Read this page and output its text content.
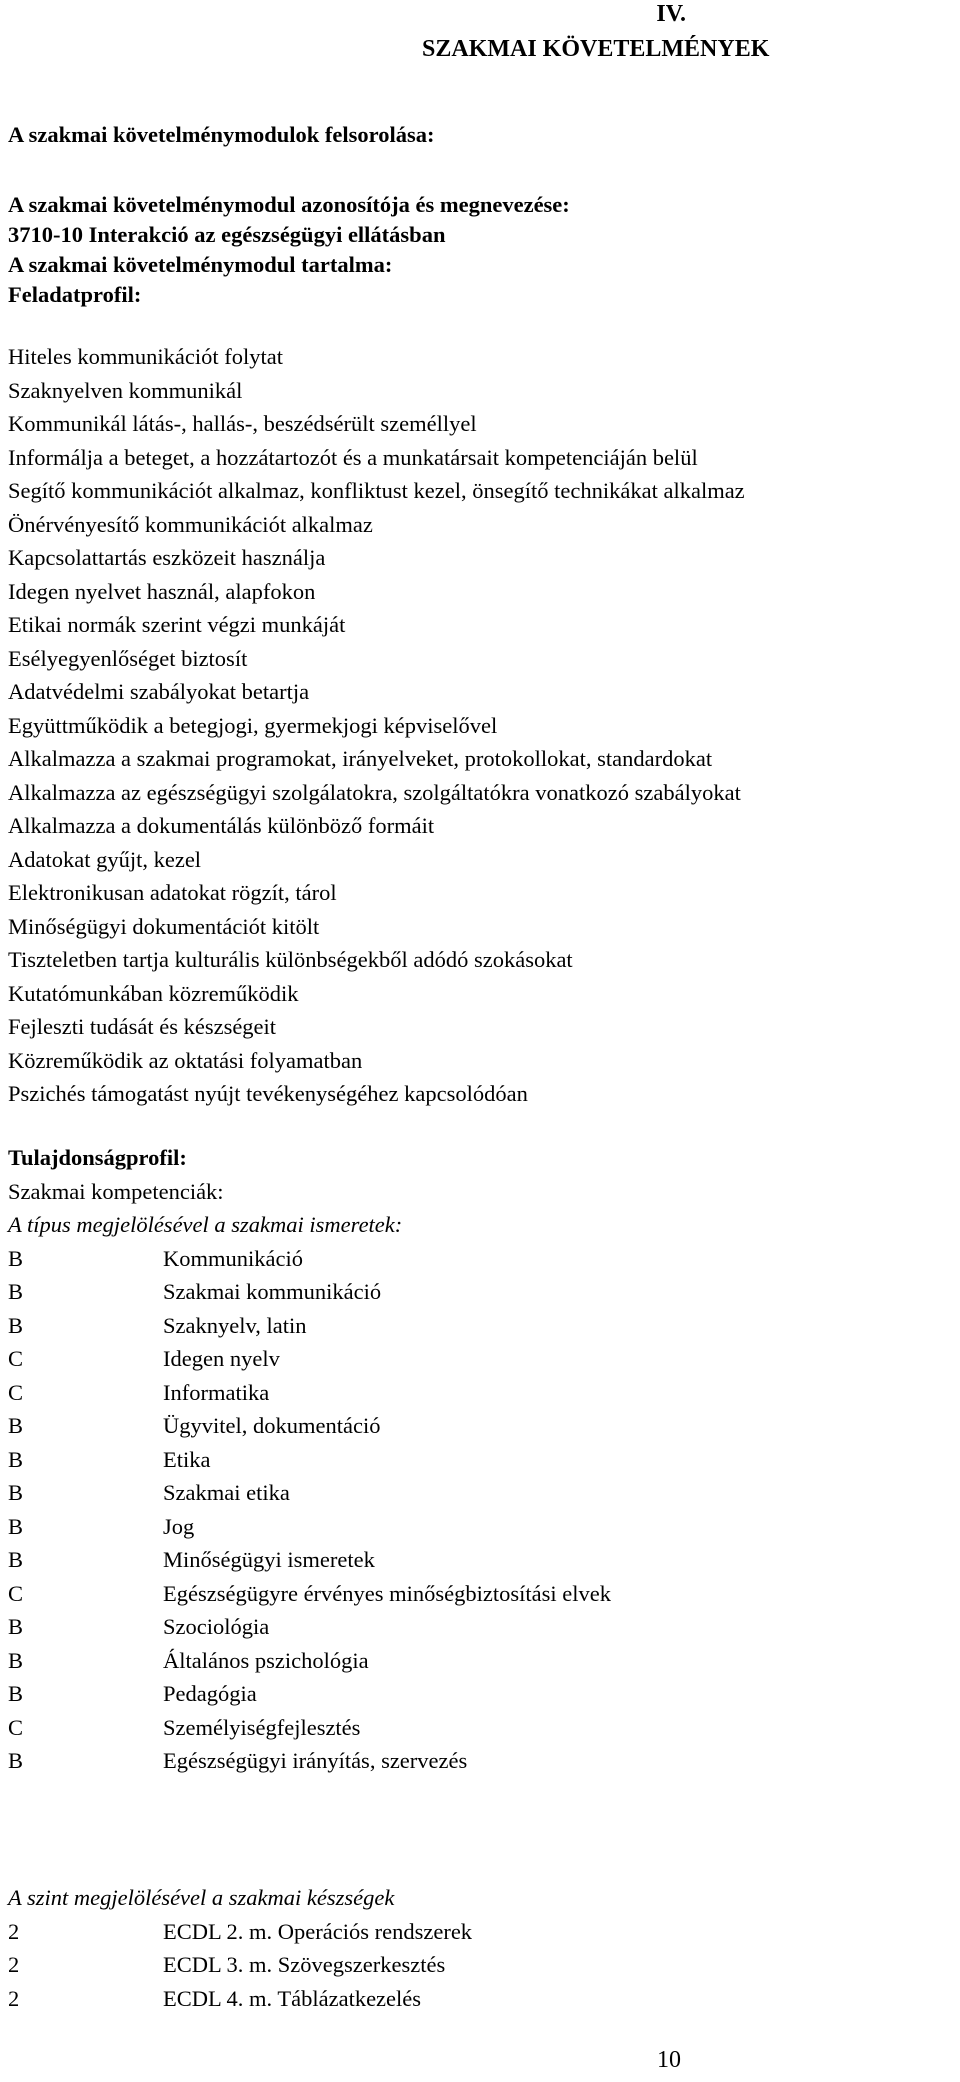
IV.
SZAKMAI KÖVETELMÉNYEK
A szakmai követelménymodulok felsorolása:
A szakmai követelménymodul azonosítója és megnevezése:
3710-10 Interakció az egészségügyi ellátásban
A szakmai követelménymodul tartalma:
Feladatprofil:
Hiteles kommunikációt folytat
Szaknyelven kommunikál
Kommunikál látás-, hallás-, beszédsérült személlyel
Informálja a beteget, a hozzátartozót és a munkatársait kompetenciáján belül
Segítő kommunikációt alkalmaz, konfliktust kezel, önsegítő technikákat alkalmaz
Önérvényesítő kommunikációt alkalmaz
Kapcsolattartás eszközeit használja
Idegen nyelvet használ, alapfokon
Etikai normák szerint végzi munkáját
Esélyegyenlőséget biztosít
Adatvédelmi szabályokat betartja
Együttműködik a betegjogi, gyermekjogi képviselővel
Alkalmazza a szakmai programokat, irányelveket, protokollokat, standardokat
Alkalmazza az egészségügyi szolgálatokra, szolgáltatókra vonatkozó szabályokat
Alkalmazza a dokumentálás különböző formáit
Adatokat gyűjt, kezel
Elektronikusan adatokat rögzít, tárol
Minőségügyi dokumentációt kitölt
Tiszteletben tartja kulturális különbségekből adódó szokásokat
Kutatómunkában közreműködik
Fejleszti tudását és készségeit
Közreműködik az oktatási folyamatban
Pszichés támogatást nyújt tevékenységéhez kapcsolódóan
Tulajdonságprofil:
Szakmai kompetenciák:
A típus megjelölésével a szakmai ismeretek:
B	Kommunikáció
B	Szakmai kommunikáció
B	Szaknyelv, latin
C	Idegen nyelv
C	Informatika
B	Ügyvitel, dokumentáció
B	Etika
B	Szakmai etika
B	Jog
B	Minőségügyi ismeretek
C	Egészségügyre érvényes minőségbiztosítási elvek
B	Szociológia
B	Általános pszichológia
B	Pedagógia
C	Személyiségfejlesztés
B	Egészségügyi irányítás, szervezés
A szint megjelölésével a szakmai készségek
2	ECDL 2. m. Operációs rendszerek
2	ECDL 3. m. Szövegszerkesztés
2	ECDL 4. m. Táblázatkezelés
10
